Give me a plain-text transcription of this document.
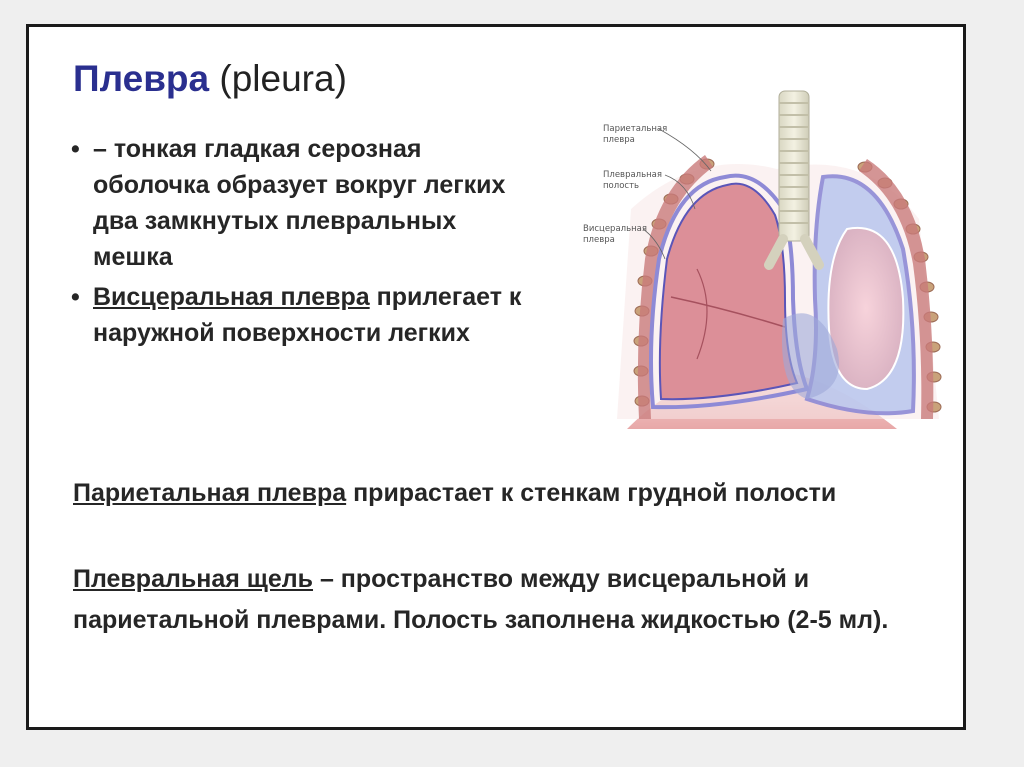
Плевра (pleura)
• – тонкая гладкая серозная оболочка образует вокруг легких два замкнутых плевральных мешка
• Висцеральная плевра прилегает к наружной поверхности легких
Париетальная
плевра
Плевральная
полость
Висцеральная
плевра
Париетальная плевра прирастает к стенкам грудной полости
Плевральная щель – пространство между висцеральной и париетальной плеврами. Полость заполнена жидкостью (2-5 мл).
